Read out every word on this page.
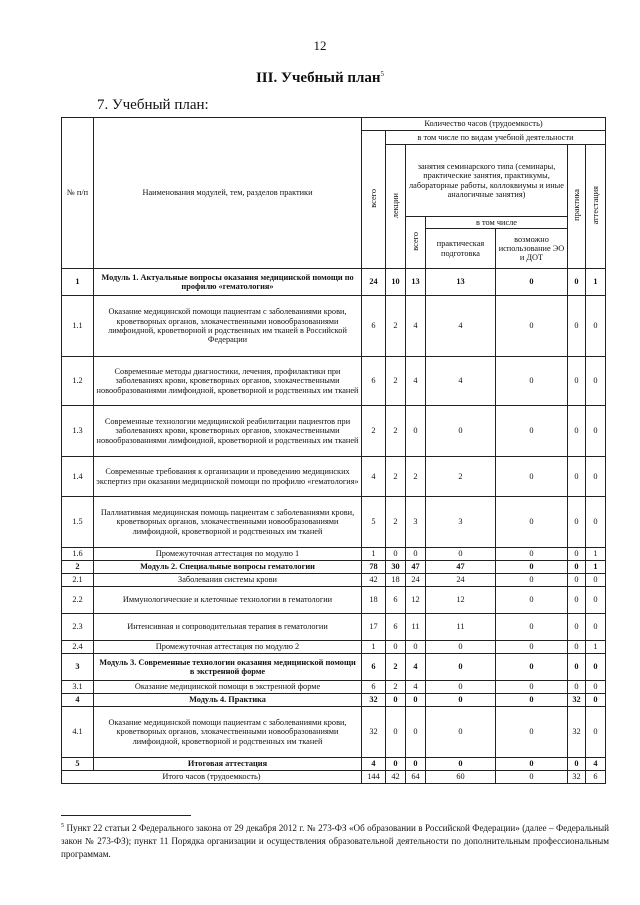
12
III. Учебный план$^5$
7. Учебный план:
№ п/п	Наименования модулей, тем, разделов практики	Количество часов (трудоемкость)						
		всего	в том числе по видам учебной деятельности					
			лекции	занятия семинарского типа (семинары, практические занятия, практикумы, лабораторные работы, коллоквиумы и иные аналогичные занятия)			практика	аттестация
				всего	в том числе			
					практическая подготовка	возможно использование ЭО и ДОТ		
1	Модуль 1. Актуальные вопросы оказания медицинской помощи по профилю «гематология»	24	10	13	13	0	0	1
1.1	Оказание медицинской помощи пациентам с заболеваниями крови, кроветворных органов, злокачественными новообразованиями лимфоидной, кроветворной и родственных им тканей в Российской Федерации	6	2	4	4	0	0	0
1.2	Современные методы диагностики, лечения, профилактики при заболеваниях крови, кроветворных органов, злокачественными новообразованиями лимфоидной, кроветворной и родственных им тканей	6	2	4	4	0	0	0
1.3	Современные технологии медицинской реабилитации пациентов при заболеваниях крови, кроветворных органов, злокачественными новообразованиями лимфоидной, кроветворной и родственных им тканей	2	2	0	0	0	0	0
1.4	Современные требования к организации и проведению медицинских экспертиз при оказании медицинской помощи по профилю «гематология»	4	2	2	2	0	0	0
1.5	Паллиативная медицинская помощь пациентам с заболеваниями крови, кроветворных органов, злокачественными новообразованиями лимфоидной, кроветворной и родственных им тканей	5	2	3	3	0	0	0
1.6	Промежуточная аттестация по модулю 1	1	0	0	0	0	0	1
2	Модуль 2. Специальные вопросы гематологии	78	30	47	47	0	0	1
2.1	Заболевания системы крови	42	18	24	24	0	0	0
2.2	Иммунологические и клеточные технологии в гематологии	18	6	12	12	0	0	0
2.3	Интенсивная и сопроводительная терапия в гематологии	17	6	11	11	0	0	0
2.4	Промежуточная аттестация по модулю 2	1	0	0	0	0	0	1
3	Модуль 3. Современные технологии оказания медицинской помощи в экстренной форме	6	2	4	0	0	0	0
3.1	Оказание медицинской помощи в экстренной форме	6	2	4	0	0	0	0
4	Модуль 4. Практика	32	0	0	0	0	32	0
4.1	Оказание медицинской помощи пациентам с заболеваниями крови, кроветворных органов, злокачественными новообразованиями лимфоидной, кроветворной и родственных им тканей	32	0	0	0	0	32	0
5	Итоговая аттестация	4	0	0	0	0	0	4
Итого часов (трудоемкость)		144	42	64	60	0	32	6
$^5$ Пункт 22 статьи 2 Федерального закона от 29 декабря 2012 г. № 273-ФЗ «Об образовании в Российской Федерации» (далее – Федеральный закон № 273-ФЗ); пункт 11 Порядка организации и осуществления образовательной деятельности по дополнительным профессиональным программам.
